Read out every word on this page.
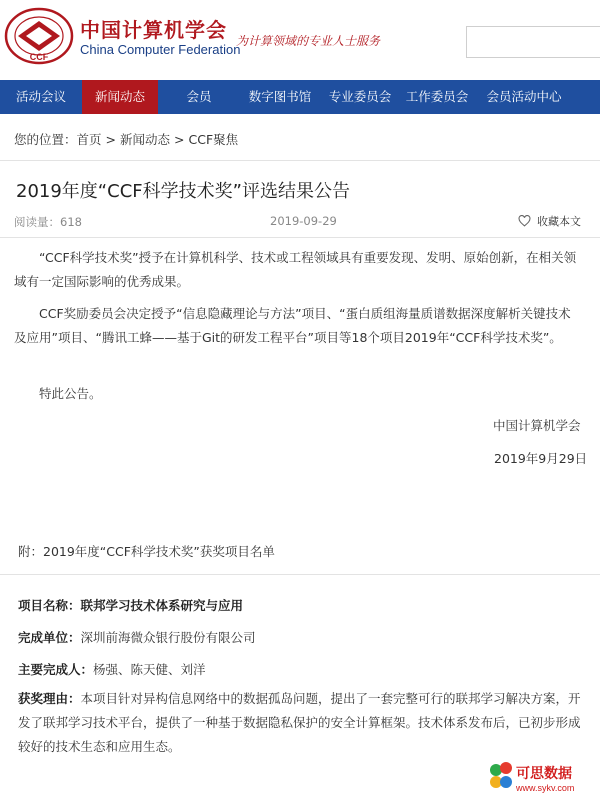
CCF
中国计算机学会
China Computer Federation
为计算领域的专业人士服务
活动会议	新闻动态	会员	数字图书馆	专业委员会	工作委员会	会员活动中心
您的位置：首页 > 新闻动态 > CCF聚焦
2019年度“CCF科学技术奖”评选结果公告
阅读量：618	2019-09-29	收藏本文
“CCF科学技术奖”授予在计算机科学、技术或工程领域具有重要发现、发明、原始创新，在相关领域有一定国际影响的优秀成果。
CCF奖励委员会决定授予“信息隐藏理论与方法”项目、“蛋白质组海量质谱数据深度解析关键技术及应用”项目、“腾讯工蜂——基于Git的研发工程平台”项目等18个项目2019年“CCF科学技术奖”。
特此公告。
中国计算机学会
2019年9月29日
附：2019年度“CCF科学技术奖”获奖项目名单
项目名称：联邦学习技术体系研究与应用
完成单位：深圳前海微众银行股份有限公司
主要完成人：杨强、陈天健、刘洋
获奖理由：本项目针对异构信息网络中的数据孤岛问题，提出了一套完整可行的联邦学习解决方案，开发了联邦学习技术平台，提供了一种基于数据隐私保护的安全计算框架。技术体系发布后，已初步形成较好的技术生态和应用生态。
可思数据
www.sykv.com
